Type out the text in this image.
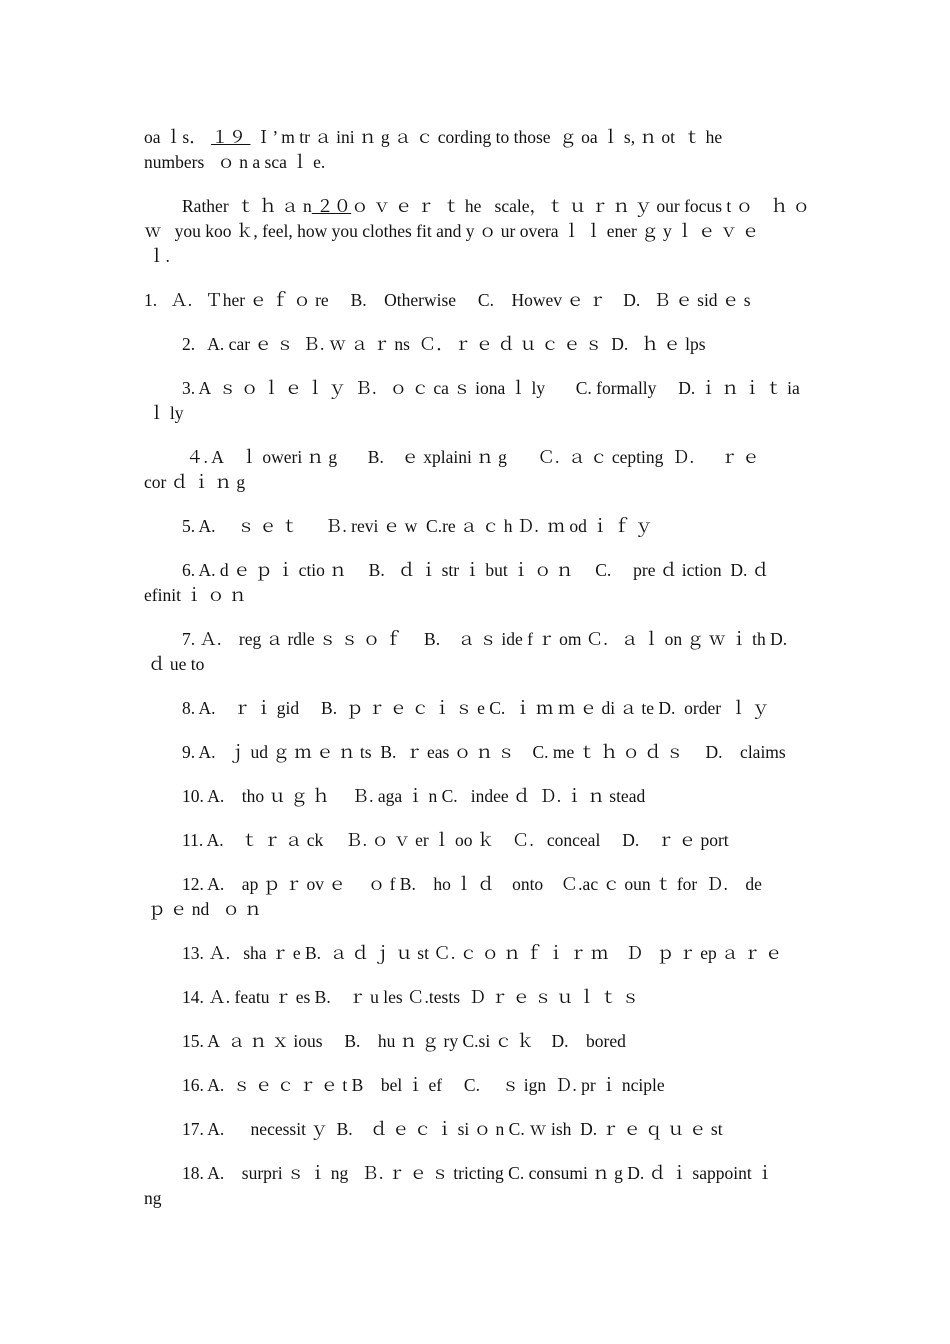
oa ｌs． １９  Ｉ’ m tr ａ ini ｎ g ａ ｃ cording to those  ｇ oa ｌ s, ｎ ot  ｔ he
numbers   ｏ n a sca ｌ e.
Rather  ｔ ｈ ａ n ２０ｏ ｖ ｅ ｒ  ｔ he   scale，ｔ ｕ ｒ ｎ ｙ our focus t ｏ    ｈ ｏ
ｗ   you koo ｋ, feel, how you clothes fit and y ｏ ur overa ｌ ｌ ener ｇ y ｌ ｅ ｖ ｅ
ｌ.
1.   Ａ.   Ｔher ｅ ｆ ｏ re     B.    Otherwise     C.    Howev ｅ ｒ    D.   Ｂ ｅ sid ｅ s
2.   A. car ｅ ｓ  Ｂ. ｗ ａ ｒ ns  Ｃ．ｒ ｅ ｄ ｕ ｃ ｅ ｓ  D.   ｈ ｅ lps
3. A  ｓ ｏ ｌ ｅ ｌ ｙ  Ｂ.   ｏ ｃ ca ｓ iona ｌ ly       C. formally     D. ｉ ｎ ｉ ｔ ia
ｌ ly
４. A    ｌ oweri ｎ g       B.    ｅ xplaini ｎ g       Ｃ.  ａ ｃ cepting  Ｄ.      ｒ ｅ
cor ｄ ｉ ｎ g
5. A.     ｓ ｅ ｔ      Ｂ. revi ｅ w  C.re ａ ｃ h Ｄ.  ｍ od ｉ ｆ ｙ
6. A. d ｅ ｐ ｉ ctio ｎ     B.   ｄ ｉ str ｉ but ｉ ｏ ｎ     C.     pre ｄ iction  D. ｄ
efinit ｉ ｏ ｎ
7. Ａ.    reg ａ rdle ｓ ｓ ｏ ｆ     B.    ａ ｓ ide f ｒ om Ｃ.   ａ ｌ on ｇ ｗ ｉ th D.
ｄ ue to
8. A.    ｒ ｉ gid     B.  ｐ ｒ ｅ ｃ ｉ ｓ e C.  ｉ ｍ ｍ ｅ di ａ te D.  order  ｌ ｙ
9. A.   ｊ ud ｇ ｍ ｅ ｎ ts  B.  ｒ eas ｏ ｎ ｓ    C. me ｔ ｈ ｏ ｄ ｓ     D.    claims
10. A.    tho ｕ ｇ ｈ     Ｂ. aga ｉ n C.   indee ｄ  Ｄ. ｉ ｎ stead
11. A.    ｔ ｒ ａ ck     Ｂ. ｏ ｖ er ｌ oo ｋ    Ｃ.   conceal     D.    ｒ ｅ port
12. A.    ap ｐ ｒ ov ｅ     ｏ f B.    ho ｌ ｄ    onto    Ｃ.ac ｃ oun ｔ for  Ｄ.    de
ｐ ｅ nd   ｏ ｎ
13. Ａ.   sha ｒ e B.  ａ ｄ ｊ ｕ st Ｃ. ｃ ｏ ｎ ｆ ｉ ｒ ｍ    Ｄ   ｐ ｒ ep ａ ｒ ｅ
14. Ａ. featu ｒ es B.    ｒ u les Ｃ.tests  Ｄ ｒ ｅ ｓ ｕ ｌ ｔ ｓ
15. A  ａ ｎ ｘ ious     B.    hu ｎ ｇ ry C.si ｃ ｋ    D.    bored
16. A.  ｓ ｅ ｃ ｒ ｅ t B    bel ｉ ef     C.     ｓ ign  Ｄ. pr ｉ nciple
17. A.      necessit ｙ  B.    ｄ ｅ ｃ ｉ si ｏ n C. ｗ ish  D. ｒ ｅ ｑ ｕ ｅ st
18. A.    surpri ｓ ｉ ng   Ｂ. ｒ ｅ ｓ tricting C. consumi ｎ g D. ｄ ｉ sappoint ｉ
ng
